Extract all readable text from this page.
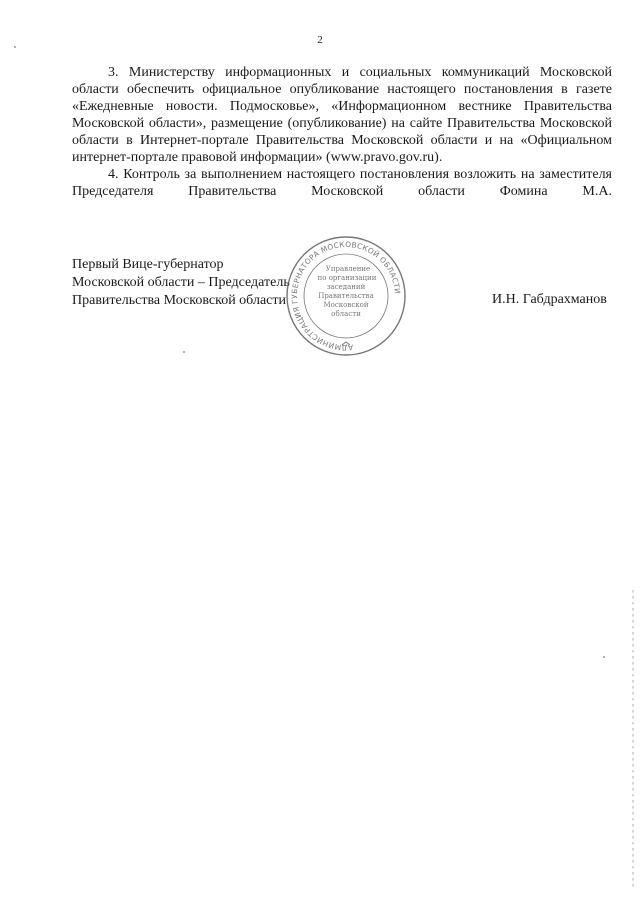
2

3. Министерству информационных и социальных коммуникаций Московской области обеспечить официальное опубликование настоящего постановления в газете «Ежедневные новости. Подмосковье», «Информационном вестнике Правительства Московской области», размещение (опубликование) на сайте Правительства Московской области в Интернет-портале Правительства Московской области и на «Официальном интернет-портале правовой информации» (www.pravo.gov.ru).

4. Контроль за выполнением настоящего постановления возложить на заместителя Председателя Правительства Московской области Фомина М.А.

Первый Вице-губернатор
Московской области – Председатель
Правительства Московской области
АДМИНИСТРАЦИЯ ГУБЕРНАТОРА МОСКОВСКОЙ ОБЛАСТИ
Управление
по организации
заседаний
Правительства
Московской
области
И.Н. Габдрахманов
